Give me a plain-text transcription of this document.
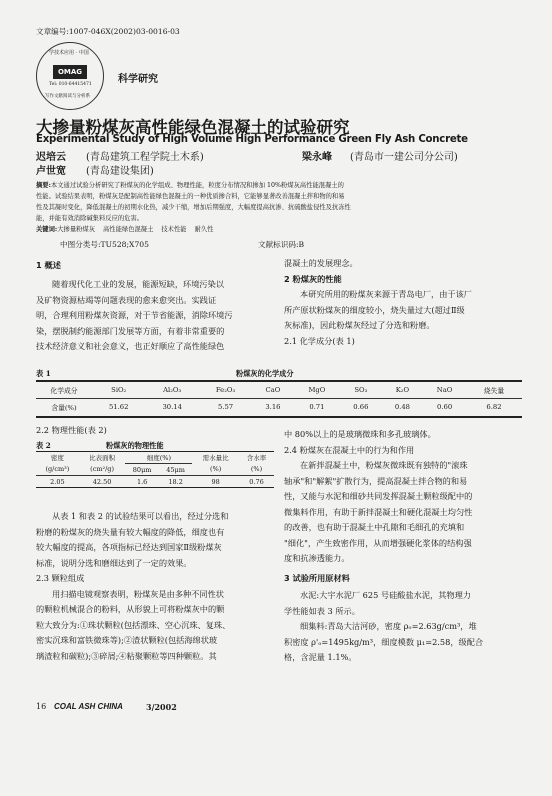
文章编号:1007-046X(2002)03-0016-03
学技术应用 · 中国
OMAG
Tel: 010-64415471
写作文献阅读与分析系
科学研究
大掺量粉煤灰高性能绿色混凝土的试验研究
Experimental Study of High Volume High Performance Green Fly Ash Concrete
迟培云 (青岛建筑工程学院土木系)	梁永峰 (青岛市一建公司分公司)
卢世宽 (青岛建设集团)
摘要:本文通过试验分析研究了粉煤灰的化学组成、物理性能，粒度分布情况和掺加 10%粉煤灰高性能混凝土的
性能。试验结果表明，粉煤灰是配制高性能绿色混凝土的一种优质掺合料，它能够显著改善混凝土拌和物的和易
性及其凝时变化，降低混凝土的初期水化热，减少干缩，增加后期强度，大幅度提高抗渗、抗硫酸盐侵性及抗冻性
能，并能有效消除碱集料反应的危害。
关键词:大掺量粉煤灰    高性能绿色混凝土    技术性能    耐久性
中图分类号:TU528;X705	文献标识码:B
1 概述
随着现代化工业的发展，能源短缺，环境污染以
及矿物资源枯竭等问题表现的愈来愈突出。实践证
明，合理利用粉煤灰资源，对于节省能源，消除环境污
染，摆脱制约能源部门发展等方面，有着非常重要的
技术经济意义和社会意义，也正好顺应了高性能绿色
混凝土的发展理念。
2 粉煤灰的性能
本研究所用的粉煤灰来源于青岛电厂，由于该厂
所产原状粉煤灰的细度较小，烧失量过大(超过Ⅱ级
灰标准)，因此粉煤灰经过了分选和粉磨。
2.1 化学成分(表 1)
表 1	粉煤灰的化学成分
化学成分	SiO₂	Al₂O₃	Fe₂O₃	CaO	MgO	SO₃	K₂O	NaO	烧失量
含量(%)	51.62	30.14	5.57	3.16	0.71	0.66	0.48	0.60	6.82
2.2 物理性能(表 2)
表 2	粉煤灰的物理性能
密度	比表面积	细度(%)		需水量比	含水率
(g/cm³)	(cm²/g)	80μm	45μm	(%)	(%)
2.05	42.50	1.6	18.2	98	0.76
从表 1 和表 2 的试验结果可以看出，经过分选和
粉磨的粉煤灰的烧失量有较大幅度的降低，细度也有
较大幅度的提高，各项指标已经达到国家Ⅱ级粉煤灰
标准，说明分选和磨细达到了一定的效果。
2.3 颗粒组成
用扫描电镜观察表明，粉煤灰是由多种不同性状
的颗粒机械混合的粉料，从形貌上可将粉煤灰中的颗
粒大致分为:①珠状颗粒(包括漂珠、空心沉珠、复珠、
密实沉珠和富铁微珠等);②渣状颗粒(包括海绵状玻
璃渣粒和碳粒);③碎屑;④粘聚颗粒等四种颗粒。其
中 80%以上的是玻璃微珠和多孔玻璃体。
2.4 粉煤灰在混凝土中的行为和作用
在新拌混凝土中，粉煤灰微珠既有独特的"滚珠
轴承"和"解絮"扩散行为，提高混凝土拌合物的和易
性，又能与水泥和细砂共同发挥混凝土颗粒级配中的
微集料作用，有助于新拌混凝土和硬化混凝土均匀性
的改善，也有助于混凝土中孔隙和毛细孔的充填和
"细化"，产生致密作用，从而增强硬化浆体的结构强
度和抗渗透能力。
3 试验所用原材料
水泥:大宇水泥厂 625 号硅酸盐水泥，其物理力
学性能如表 3 所示。
细集料:青岛大沽河砂，密度 ρₒ=2.63g/cm³，堆
积密度 ρ'ₒ=1495kg/m³，细度模数 μ₁=2.58，级配合
格，含泥量 1.1%。
16 COAL ASH CHINA	3/2002
